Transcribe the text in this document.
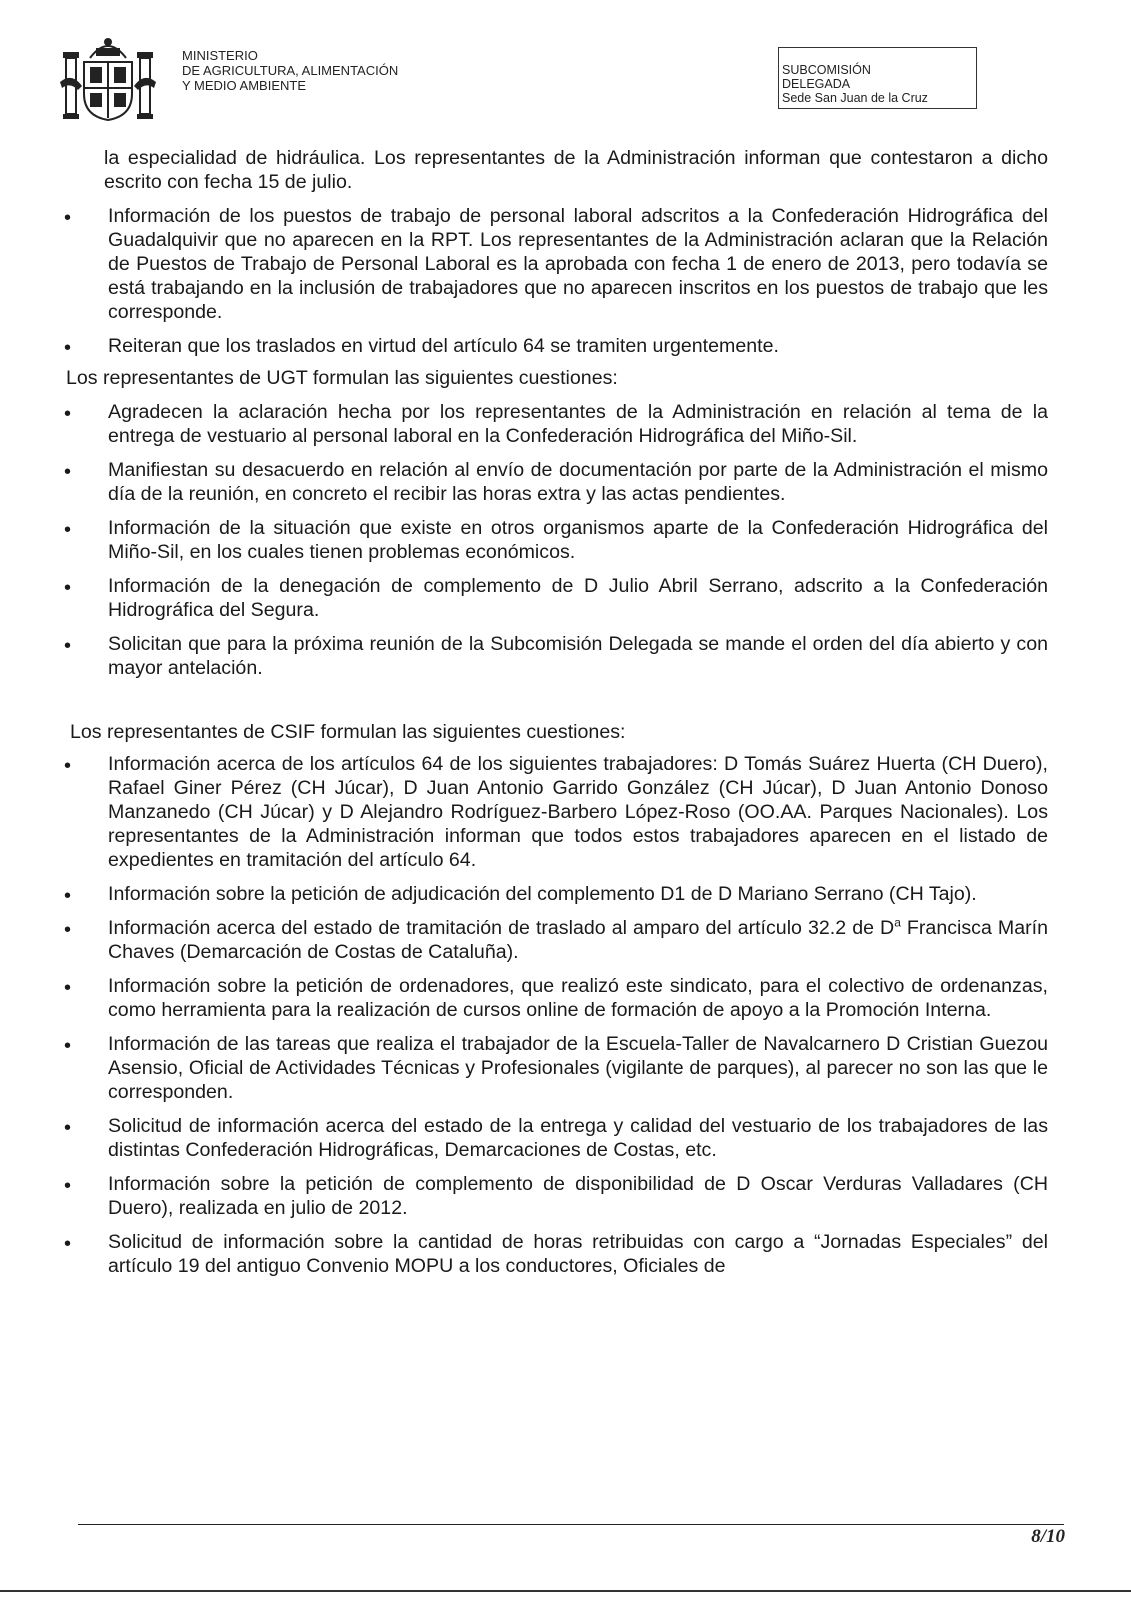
MINISTERIO
DE AGRICULTURA, ALIMENTACIÓN
Y MEDIO AMBIENTE
SUBCOMISIÓN
DELEGADA
Sede San Juan de la Cruz

la especialidad de hidráulica. Los representantes de la Administración informan que contestaron a dicho escrito con fecha 15 de julio.

• Información de los puestos de trabajo de personal laboral adscritos a la Confederación Hidrográfica del Guadalquivir que no aparecen en la RPT. Los representantes de la Administración aclaran que la Relación de Puestos de Trabajo de Personal Laboral es la aprobada con fecha 1 de enero de 2013, pero todavía se está trabajando en la inclusión de trabajadores que no aparecen inscritos en los puestos de trabajo que les corresponde.

• Reiteran que los traslados en virtud del artículo 64 se tramiten urgentemente.

Los representantes de UGT formulan las siguientes cuestiones:

• Agradecen la aclaración hecha por los representantes de la Administración en relación al tema de la entrega de vestuario al personal laboral en la Confederación Hidrográfica del Miño-Sil.

• Manifiestan su desacuerdo en relación al envío de documentación por parte de la Administración el mismo día de la reunión, en concreto el recibir las horas extra y las actas pendientes.

• Información de la situación que existe en otros organismos aparte de la Confederación Hidrográfica del Miño-Sil, en los cuales tienen problemas económicos.

• Información de la denegación de complemento de D Julio Abril Serrano, adscrito a la Confederación Hidrográfica del Segura.

• Solicitan que para la próxima reunión de la Subcomisión Delegada se mande el orden del día abierto y con mayor antelación.

Los representantes de CSIF formulan las siguientes cuestiones:

• Información acerca de los artículos 64 de los siguientes trabajadores: D Tomás Suárez Huerta (CH Duero), Rafael Giner Pérez (CH Júcar), D Juan Antonio Garrido González (CH Júcar), D Juan Antonio Donoso Manzanedo (CH Júcar) y D Alejandro Rodríguez-Barbero López-Roso (OO.AA. Parques Nacionales). Los representantes de la Administración informan que todos estos trabajadores aparecen en el listado de expedientes en tramitación del artículo 64.

• Información sobre la petición de adjudicación del complemento D1 de D Mariano Serrano (CH Tajo).

• Información acerca del estado de tramitación de traslado al amparo del artículo 32.2 de $D^a$ Francisca Marín Chaves (Demarcación de Costas de Cataluña).

• Información sobre la petición de ordenadores, que realizó este sindicato, para el colectivo de ordenanzas, como herramienta para la realización de cursos online de formación de apoyo a la Promoción Interna.

• Información de las tareas que realiza el trabajador de la Escuela-Taller de Navalcarnero D Cristian Guezou Asensio, Oficial de Actividades Técnicas y Profesionales (vigilante de parques), al parecer no son las que le corresponden.

• Solicitud de información acerca del estado de la entrega y calidad del vestuario de los trabajadores de las distintas Confederación Hidrográficas, Demarcaciones de Costas, etc.

• Información sobre la petición de complemento de disponibilidad de D Oscar Verduras Valladares (CH Duero), realizada en julio de 2012.

• Solicitud de información sobre la cantidad de horas retribuidas con cargo a “Jornadas Especiales” del artículo 19 del antiguo Convenio MOPU a los conductores, Oficiales de

8/10
